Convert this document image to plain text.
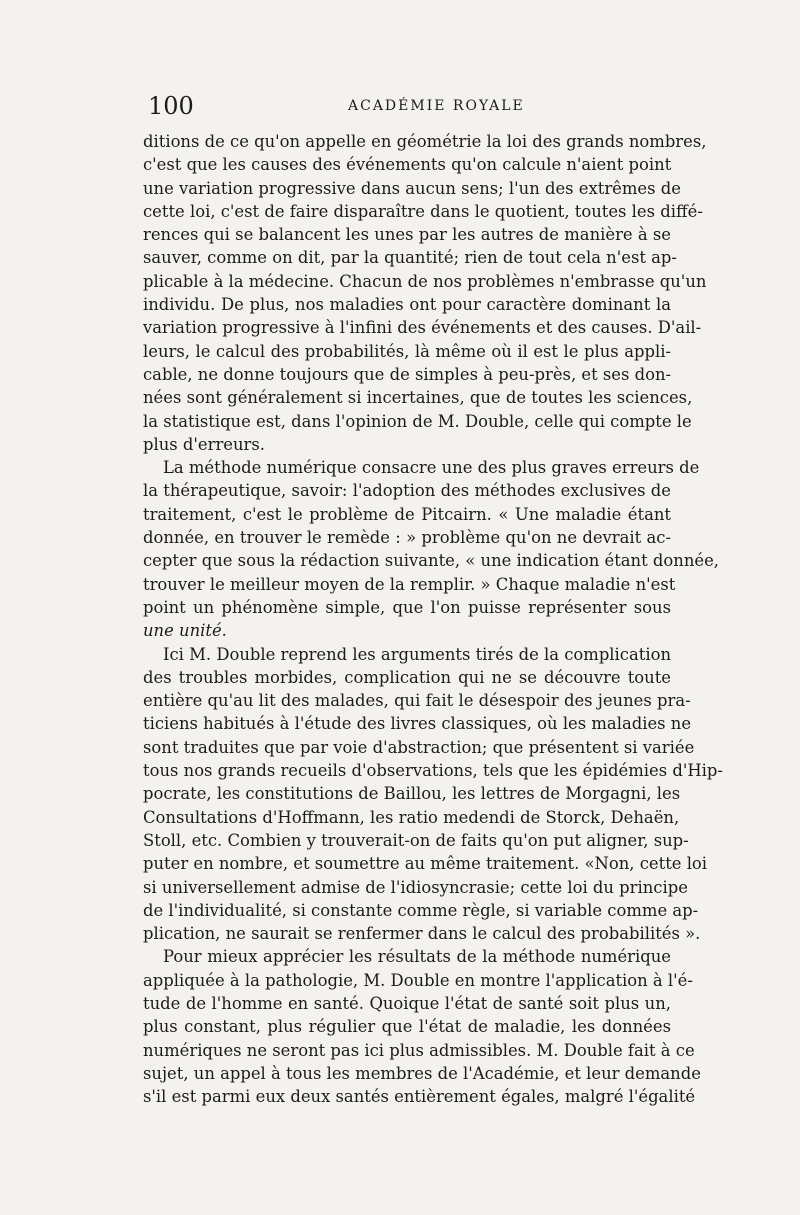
100	ACADÉMIE ROYALE
ditions de ce qu'on appelle en géométrie la loi des grands nombres,
c'est que les causes des événements qu'on calcule n'aient point
une variation progressive dans aucun sens; l'un des extrêmes de
cette loi, c'est de faire disparaître dans le quotient, toutes les diffé-
rences qui se balancent les unes par les autres de manière à se
sauver, comme on dit, par la quantité; rien de tout cela n'est ap-
plicable à la médecine. Chacun de nos problèmes n'embrasse qu'un
individu. De plus, nos maladies ont pour caractère dominant la
variation progressive à l'infini des événements et des causes. D'ail-
leurs, le calcul des probabilités, là même où il est le plus appli-
cable, ne donne toujours que de simples à peu-près, et ses don-
nées sont généralement si incertaines, que de toutes les sciences,
la statistique est, dans l'opinion de M. Double, celle qui compte le
plus d'erreurs.
La méthode numérique consacre une des plus graves erreurs de
la thérapeutique, savoir: l'adoption des méthodes exclusives de
traitement, c'est le problème de Pitcairn. « Une maladie étant
donnée, en trouver le remède : » problème qu'on ne devrait ac-
cepter que sous la rédaction suivante, « une indication étant donnée,
trouver le meilleur moyen de la remplir. » Chaque maladie n'est
point un phénomène simple, que l'on puisse représenter sous
une unité.
Ici M. Double reprend les arguments tirés de la complication
des troubles morbides, complication qui ne se découvre toute
entière qu'au lit des malades, qui fait le désespoir des jeunes pra-
ticiens habitués à l'étude des livres classiques, où les maladies ne
sont traduites que par voie d'abstraction; que présentent si variée
tous nos grands recueils d'observations, tels que les épidémies d'Hip-
pocrate, les constitutions de Baillou, les lettres de Morgagni, les
Consultations d'Hoffmann, les ratio medendi de Storck, Dehaën,
Stoll, etc. Combien y trouverait-on de faits qu'on put aligner, sup-
puter en nombre, et soumettre au même traitement. «Non, cette loi
si universellement admise de l'idiosyncrasie; cette loi du principe
de l'individualité, si constante comme règle, si variable comme ap-
plication, ne saurait se renfermer dans le calcul des probabilités ».
Pour mieux apprécier les résultats de la méthode numérique
appliquée à la pathologie, M. Double en montre l'application à l'é-
tude de l'homme en santé. Quoique l'état de santé soit plus un,
plus constant, plus régulier que l'état de maladie, les données
numériques ne seront pas ici plus admissibles. M. Double fait à ce
sujet, un appel à tous les membres de l'Académie, et leur demande
s'il est parmi eux deux santés entièrement égales, malgré l'égalité
